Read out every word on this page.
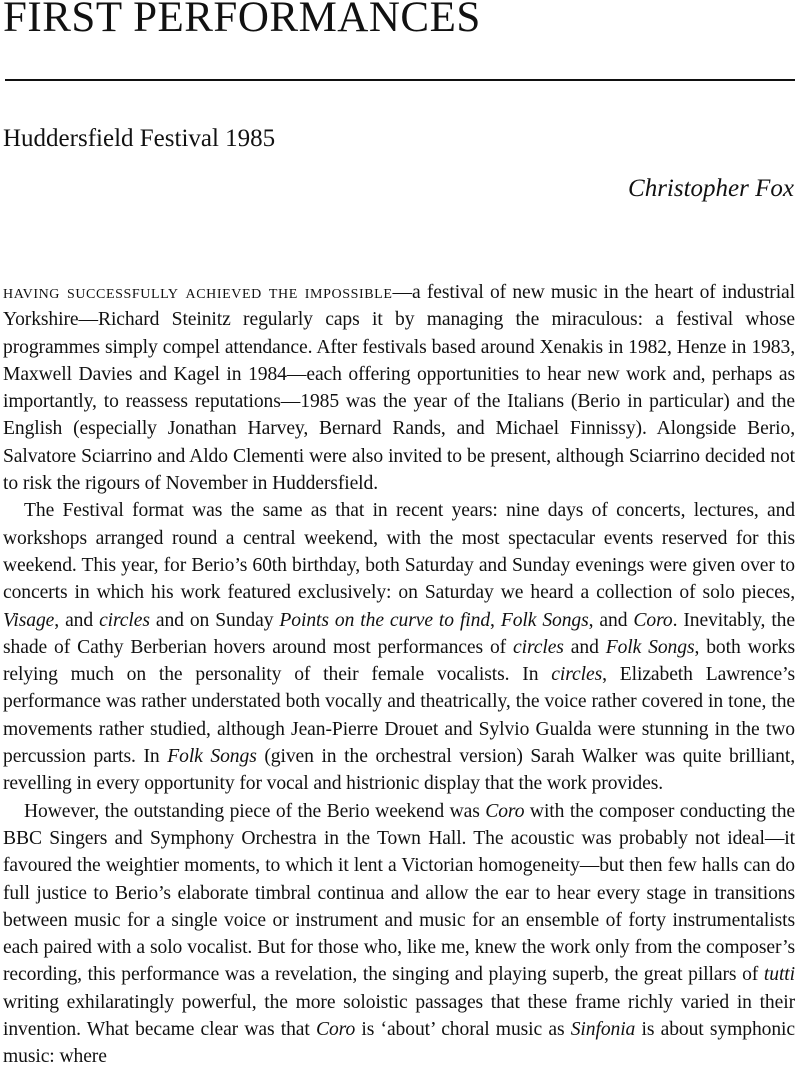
FIRST PERFORMANCES
Huddersfield Festival 1985
Christopher Fox

having successfully achieved the impossible—a festival of new music in the heart of industrial Yorkshire—Richard Steinitz regularly caps it by managing the miraculous: a festival whose programmes simply compel attendance. After festivals based around Xenakis in 1982, Henze in 1983, Maxwell Davies and Kagel in 1984—each offering opportunities to hear new work and, perhaps as importantly, to reassess reputations—1985 was the year of the Italians (Berio in particular) and the English (especially Jonathan Harvey, Bernard Rands, and Michael Finnissy). Alongside Berio, Salvatore Sciarrino and Aldo Clementi were also invited to be present, although Sciarrino decided not to risk the rigours of November in Huddersfield.

The Festival format was the same as that in recent years: nine days of concerts, lectures, and workshops arranged round a central weekend, with the most spectacular events reserved for this weekend. This year, for Berio’s 60th birthday, both Saturday and Sunday evenings were given over to concerts in which his work featured exclusively: on Saturday we heard a collection of solo pieces, Visage, and circles and on Sunday Points on the curve to find, Folk Songs, and Coro. Inevitably, the shade of Cathy Berberian hovers around most performances of circles and Folk Songs, both works relying much on the personality of their female vocalists. In circles, Elizabeth Lawrence’s performance was rather understated both vocally and theatrically, the voice rather covered in tone, the movements rather studied, although Jean-Pierre Drouet and Sylvio Gualda were stunning in the two percussion parts. In Folk Songs (given in the orchestral version) Sarah Walker was quite brilliant, revelling in every opportunity for vocal and histrionic display that the work provides.

However, the outstanding piece of the Berio weekend was Coro with the composer conducting the BBC Singers and Symphony Orchestra in the Town Hall. The acoustic was probably not ideal—it favoured the weightier moments, to which it lent a Victorian homogeneity—but then few halls can do full justice to Berio’s elaborate timbral continua and allow the ear to hear every stage in transitions between music for a single voice or instrument and music for an ensemble of forty instrumentalists each paired with a solo vocalist. But for those who, like me, knew the work only from the composer’s recording, this performance was a revelation, the singing and playing superb, the great pillars of tutti writing exhilaratingly powerful, the more soloistic passages that these frame richly varied in their invention. What became clear was that Coro is ‘about’ choral music as Sinfonia is about symphonic music: where
